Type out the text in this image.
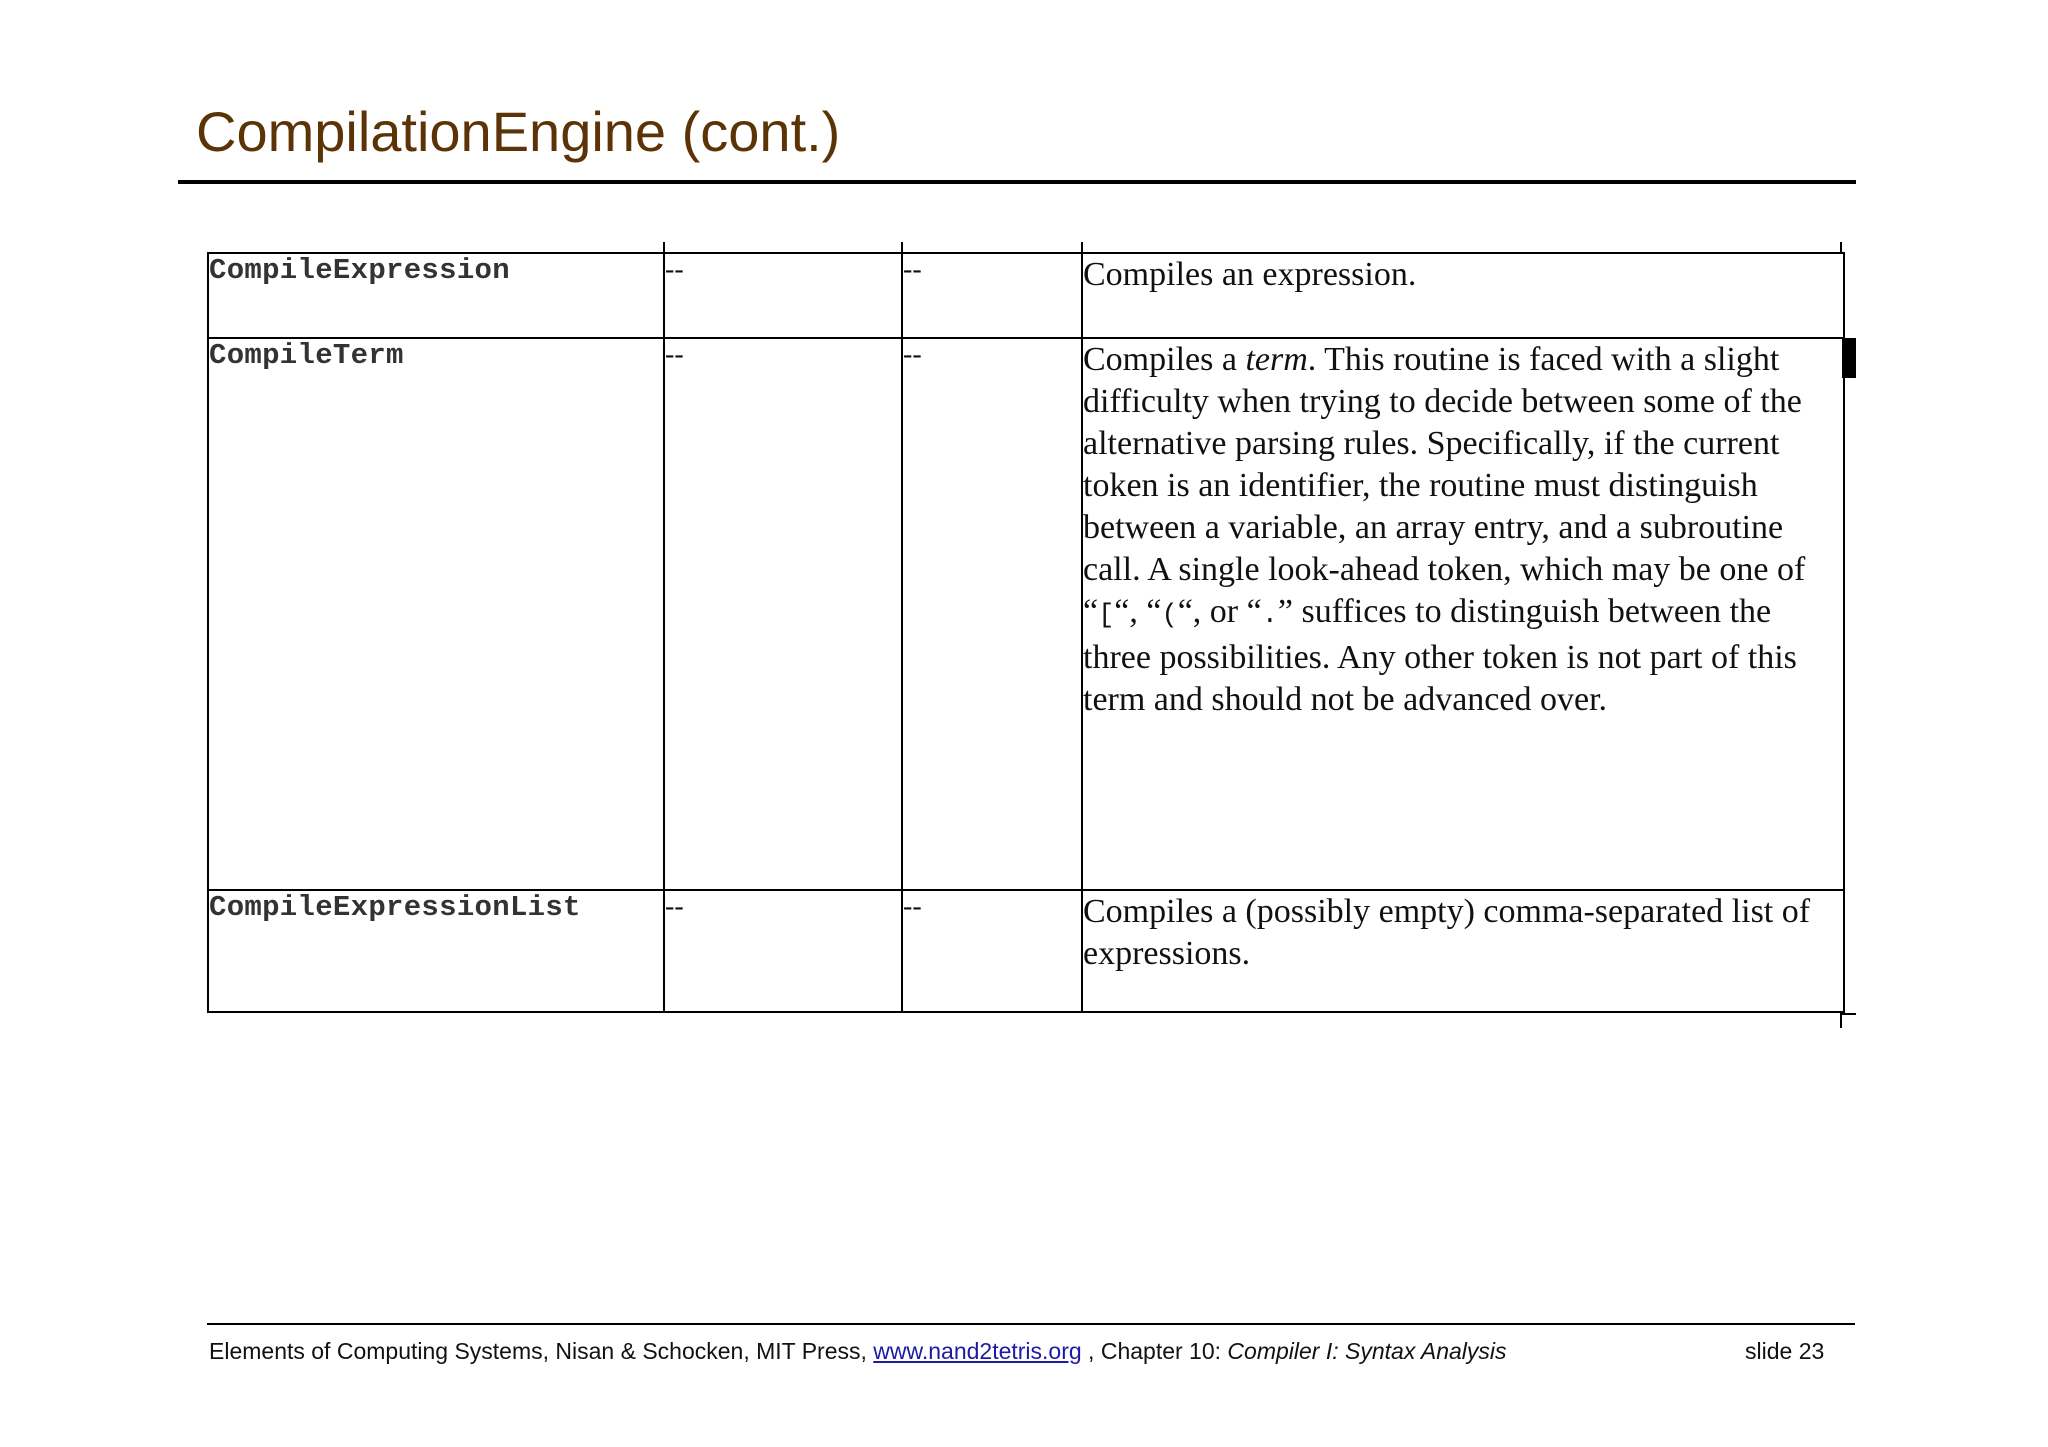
CompilationEngine (cont.)
CompileExpression	--	--	Compiles an expression.
CompileTerm	--	--	Compiles a term. This routine is faced with a slight difficulty when trying to decide between some of the alternative parsing rules. Specifically, if the current token is an identifier, the routine must distinguish between a variable, an array entry, and a subroutine call. A single look-ahead token, which may be one of “[“, “(“, or “.” suffices to distinguish between the three possibilities. Any other token is not part of this term and should not be advanced over.
CompileExpressionList	--	--	Compiles a (possibly empty) comma-separated list of expressions.
Elements of Computing Systems, Nisan & Schocken, MIT Press, www.nand2tetris.org , Chapter 10: Compiler I: Syntax Analysis	slide 23
